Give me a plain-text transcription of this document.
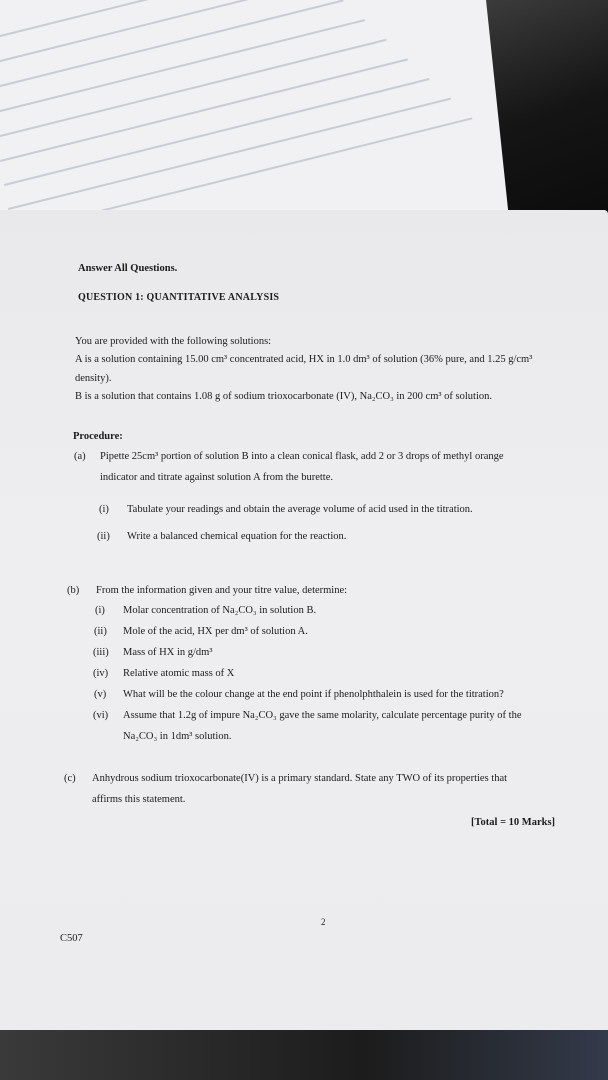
Answer All Questions.
QUESTION 1: QUANTITATIVE ANALYSIS
You are provided with the following solutions:
A is a solution containing 15.00 cm³ concentrated acid, HX in 1.0 dm³ of solution (36% pure, and 1.25 g/cm³
density).
B is a solution that contains 1.08 g of sodium trioxocarbonate (IV), Na₂CO₃ in 200 cm³ of solution.
Procedure:
(a) Pipette 25cm³ portion of solution B into a clean conical flask, add 2 or 3 drops of methyl orange
indicator and titrate against solution A from the burette.
(i) Tabulate your readings and obtain the average volume of acid used in the titration.
(ii) Write a balanced chemical equation for the reaction.
(b) From the information given and your titre value, determine:
(i) Molar concentration of Na₂CO₃ in solution B.
(ii) Mole of the acid, HX per dm³ of solution A.
(iii) Mass of HX in g/dm³
(iv) Relative atomic mass of X
(v) What will be the colour change at the end point if phenolphthalein is used for the titration?
(vi) Assume that 1.2g of impure Na₂CO₃ gave the same molarity, calculate percentage purity of the
Na₂CO₃ in 1dm³ solution.
(c) Anhydrous sodium trioxocarbonate(IV) is a primary standard. State any TWO of its properties that
affirms this statement.
[Total = 10 Marks]
2
C507
